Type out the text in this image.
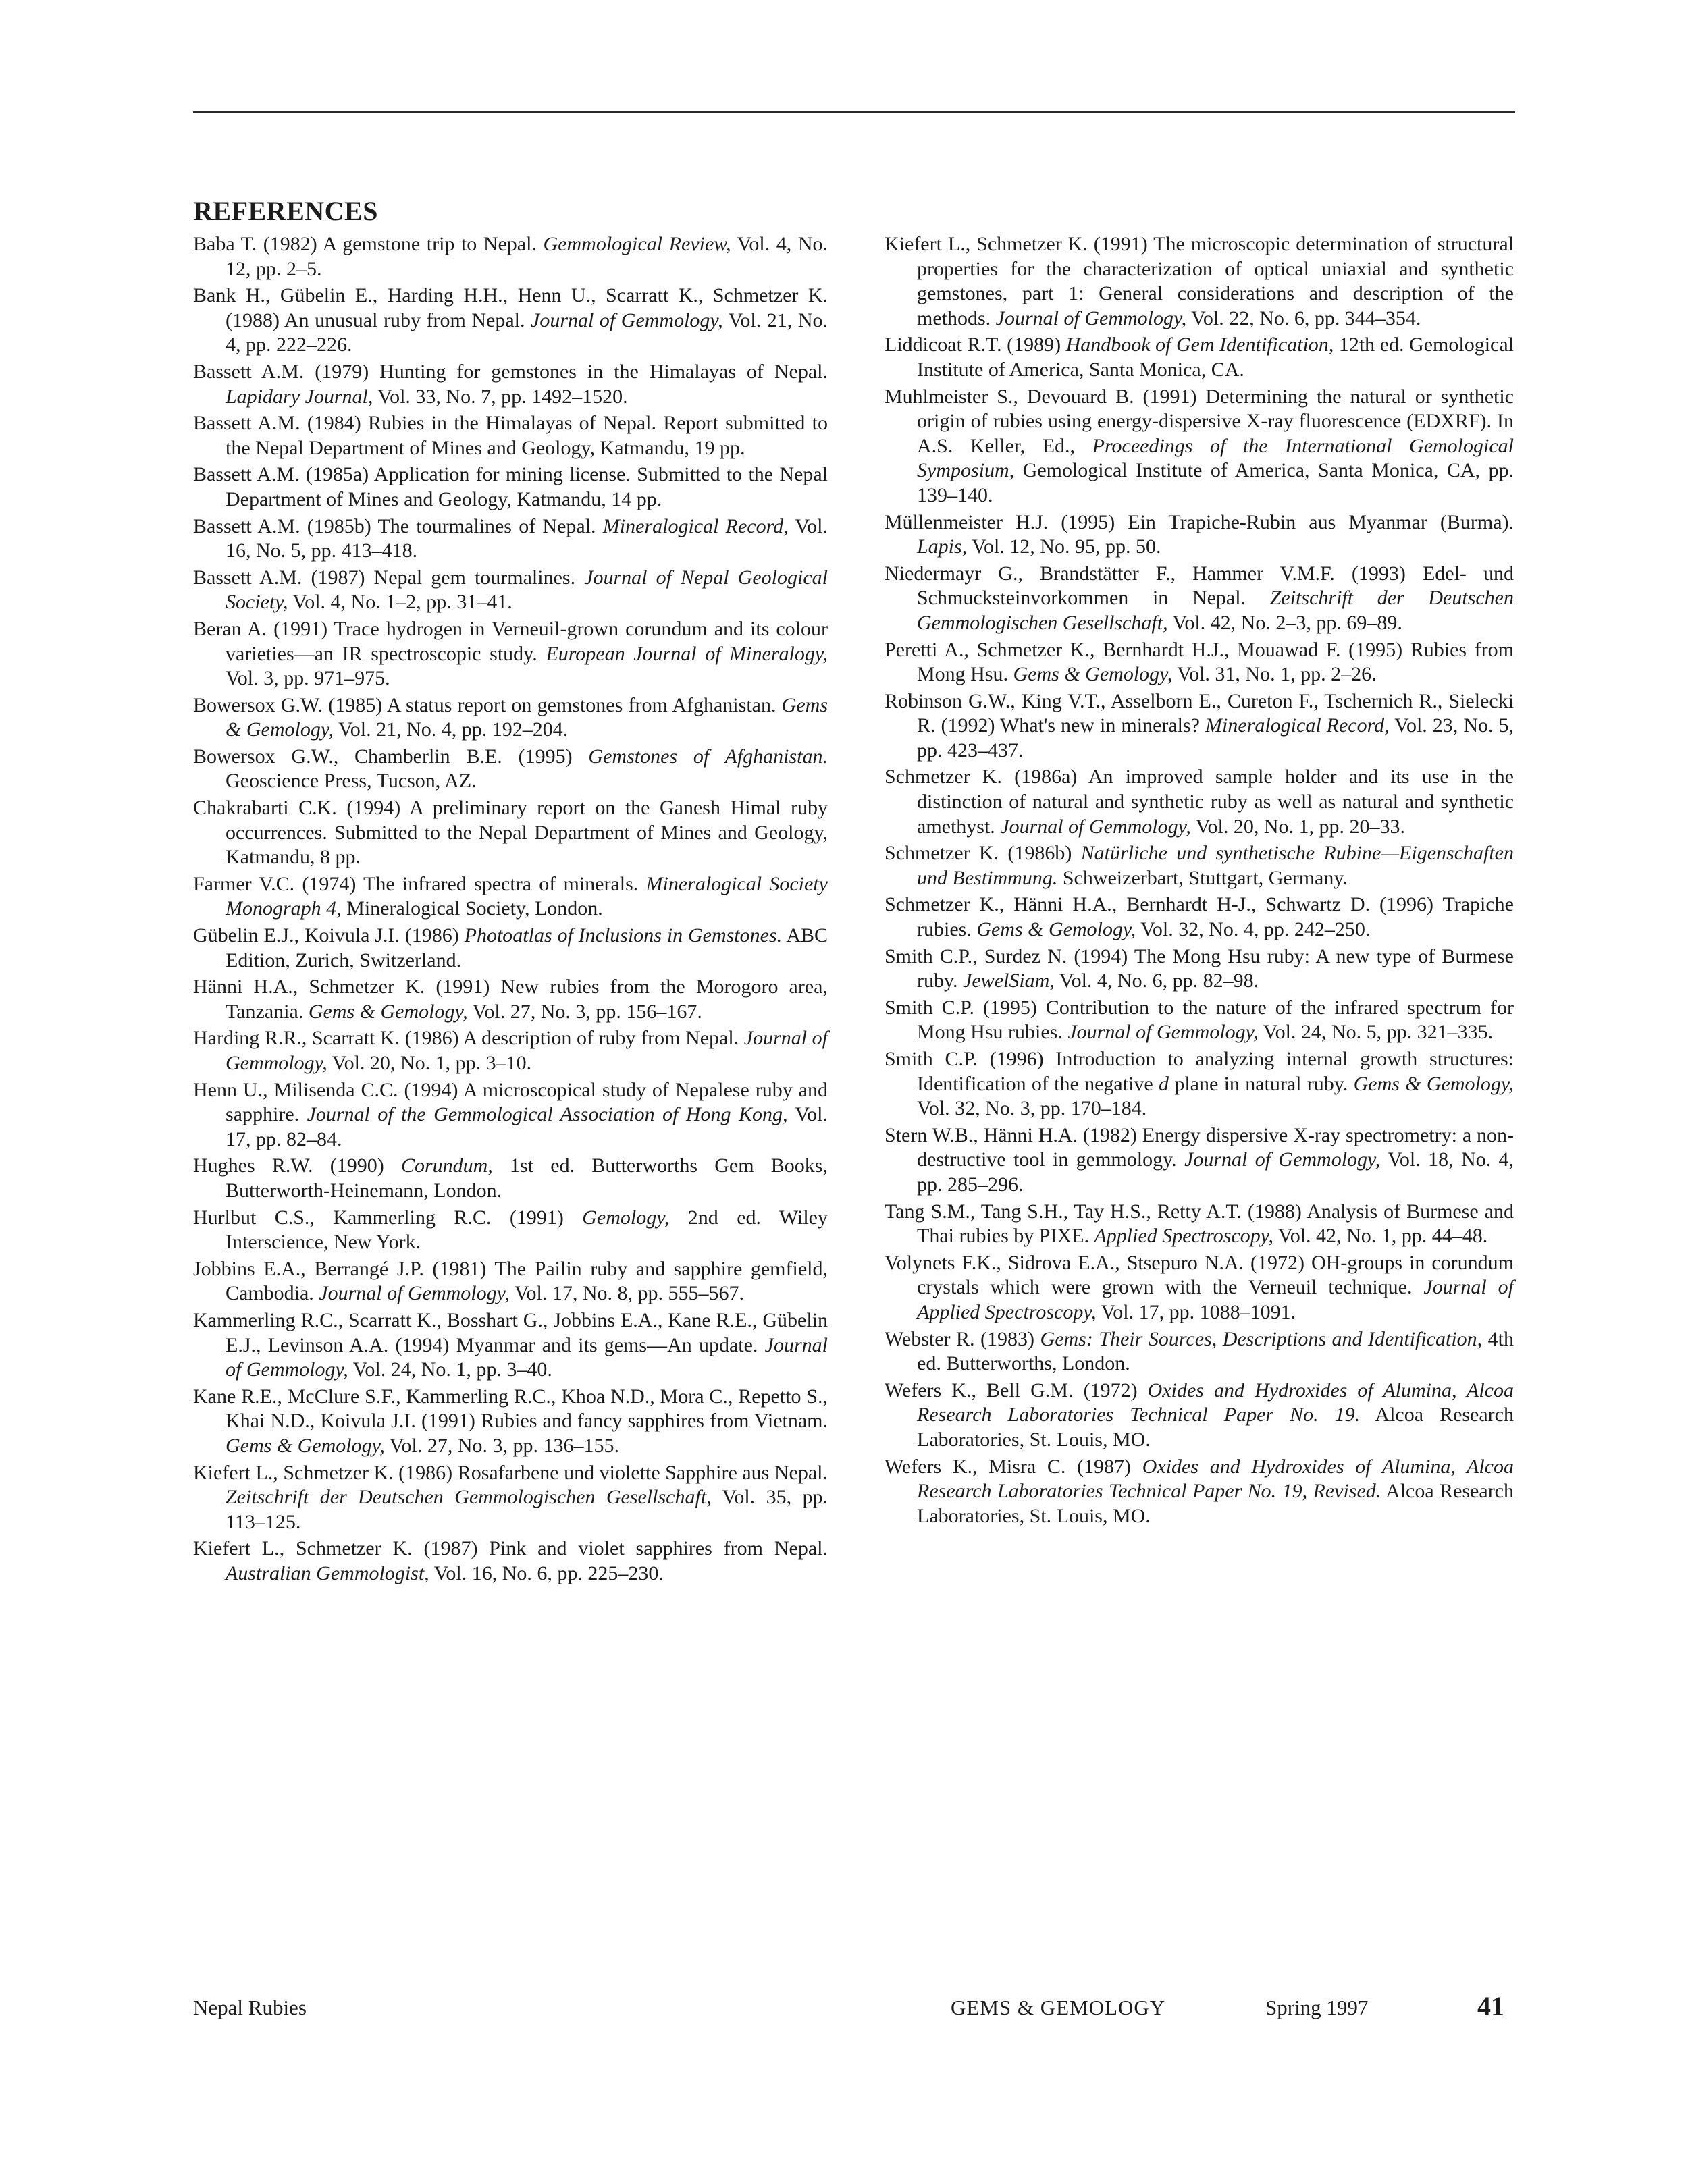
REFERENCES

Baba T. (1982) A gemstone trip to Nepal. Gemmological Review, Vol. 4, No. 12, pp. 2–5.

Bank H., Gübelin E., Harding H.H., Henn U., Scarratt K., Schmetzer K. (1988) An unusual ruby from Nepal. Journal of Gemmology, Vol. 21, No. 4, pp. 222–226.

Bassett A.M. (1979) Hunting for gemstones in the Himalayas of Nepal. Lapidary Journal, Vol. 33, No. 7, pp. 1492–1520.

Bassett A.M. (1984) Rubies in the Himalayas of Nepal. Report submitted to the Nepal Department of Mines and Geology, Katmandu, 19 pp.

Bassett A.M. (1985a) Application for mining license. Submitted to the Nepal Department of Mines and Geology, Katmandu, 14 pp.

Bassett A.M. (1985b) The tourmalines of Nepal. Mineralogical Record, Vol. 16, No. 5, pp. 413–418.

Bassett A.M. (1987) Nepal gem tourmalines. Journal of Nepal Geological Society, Vol. 4, No. 1–2, pp. 31–41.

Beran A. (1991) Trace hydrogen in Verneuil-grown corundum and its colour varieties—an IR spectroscopic study. European Journal of Mineralogy, Vol. 3, pp. 971–975.

Bowersox G.W. (1985) A status report on gemstones from Afghanistan. Gems & Gemology, Vol. 21, No. 4, pp. 192–204.

Bowersox G.W., Chamberlin B.E. (1995) Gemstones of Afghanistan. Geoscience Press, Tucson, AZ.

Chakrabarti C.K. (1994) A preliminary report on the Ganesh Himal ruby occurrences. Submitted to the Nepal Department of Mines and Geology, Katmandu, 8 pp.

Farmer V.C. (1974) The infrared spectra of minerals. Mineralogical Society Monograph 4, Mineralogical Society, London.

Gübelin E.J., Koivula J.I. (1986) Photoatlas of Inclusions in Gemstones. ABC Edition, Zurich, Switzerland.

Hänni H.A., Schmetzer K. (1991) New rubies from the Morogoro area, Tanzania. Gems & Gemology, Vol. 27, No. 3, pp. 156–167.

Harding R.R., Scarratt K. (1986) A description of ruby from Nepal. Journal of Gemmology, Vol. 20, No. 1, pp. 3–10.

Henn U., Milisenda C.C. (1994) A microscopical study of Nepalese ruby and sapphire. Journal of the Gemmological Association of Hong Kong, Vol. 17, pp. 82–84.

Hughes R.W. (1990) Corundum, 1st ed. Butterworths Gem Books, Butterworth-Heinemann, London.

Hurlbut C.S., Kammerling R.C. (1991) Gemology, 2nd ed. Wiley Interscience, New York.

Jobbins E.A., Berrangé J.P. (1981) The Pailin ruby and sapphire gemfield, Cambodia. Journal of Gemmology, Vol. 17, No. 8, pp. 555–567.

Kammerling R.C., Scarratt K., Bosshart G., Jobbins E.A., Kane R.E., Gübelin E.J., Levinson A.A. (1994) Myanmar and its gems—An update. Journal of Gemmology, Vol. 24, No. 1, pp. 3–40.

Kane R.E., McClure S.F., Kammerling R.C., Khoa N.D., Mora C., Repetto S., Khai N.D., Koivula J.I. (1991) Rubies and fancy sapphires from Vietnam. Gems & Gemology, Vol. 27, No. 3, pp. 136–155.

Kiefert L., Schmetzer K. (1986) Rosafarbene und violette Sapphire aus Nepal. Zeitschrift der Deutschen Gemmologischen Gesellschaft, Vol. 35, pp. 113–125.

Kiefert L., Schmetzer K. (1987) Pink and violet sapphires from Nepal. Australian Gemmologist, Vol. 16, No. 6, pp. 225–230.

Kiefert L., Schmetzer K. (1991) The microscopic determination of structural properties for the characterization of optical uniaxial and synthetic gemstones, part 1: General considerations and description of the methods. Journal of Gemmology, Vol. 22, No. 6, pp. 344–354.

Liddicoat R.T. (1989) Handbook of Gem Identification, 12th ed. Gemological Institute of America, Santa Monica, CA.

Muhlmeister S., Devouard B. (1991) Determining the natural or synthetic origin of rubies using energy-dispersive X-ray fluorescence (EDXRF). In A.S. Keller, Ed., Proceedings of the International Gemological Symposium, Gemological Institute of America, Santa Monica, CA, pp. 139–140.

Müllenmeister H.J. (1995) Ein Trapiche-Rubin aus Myanmar (Burma). Lapis, Vol. 12, No. 95, pp. 50.

Niedermayr G., Brandstätter F., Hammer V.M.F. (1993) Edel- und Schmucksteinvorkommen in Nepal. Zeitschrift der Deutschen Gemmologischen Gesellschaft, Vol. 42, No. 2–3, pp. 69–89.

Peretti A., Schmetzer K., Bernhardt H.J., Mouawad F. (1995) Rubies from Mong Hsu. Gems & Gemology, Vol. 31, No. 1, pp. 2–26.

Robinson G.W., King V.T., Asselborn E., Cureton F., Tschernich R., Sielecki R. (1992) What's new in minerals? Mineralogical Record, Vol. 23, No. 5, pp. 423–437.

Schmetzer K. (1986a) An improved sample holder and its use in the distinction of natural and synthetic ruby as well as natural and synthetic amethyst. Journal of Gemmology, Vol. 20, No. 1, pp. 20–33.

Schmetzer K. (1986b) Natürliche und synthetische Rubine—Eigenschaften und Bestimmung. Schweizerbart, Stuttgart, Germany.

Schmetzer K., Hänni H.A., Bernhardt H-J., Schwartz D. (1996) Trapiche rubies. Gems & Gemology, Vol. 32, No. 4, pp. 242–250.

Smith C.P., Surdez N. (1994) The Mong Hsu ruby: A new type of Burmese ruby. JewelSiam, Vol. 4, No. 6, pp. 82–98.

Smith C.P. (1995) Contribution to the nature of the infrared spectrum for Mong Hsu rubies. Journal of Gemmology, Vol. 24, No. 5, pp. 321–335.

Smith C.P. (1996) Introduction to analyzing internal growth structures: Identification of the negative d plane in natural ruby. Gems & Gemology, Vol. 32, No. 3, pp. 170–184.

Stern W.B., Hänni H.A. (1982) Energy dispersive X-ray spectrometry: a non-destructive tool in gemmology. Journal of Gemmology, Vol. 18, No. 4, pp. 285–296.

Tang S.M., Tang S.H., Tay H.S., Retty A.T. (1988) Analysis of Burmese and Thai rubies by PIXE. Applied Spectroscopy, Vol. 42, No. 1, pp. 44–48.

Volynets F.K., Sidrova E.A., Stsepuro N.A. (1972) OH-groups in corundum crystals which were grown with the Verneuil technique. Journal of Applied Spectroscopy, Vol. 17, pp. 1088–1091.

Webster R. (1983) Gems: Their Sources, Descriptions and Identification, 4th ed. Butterworths, London.

Wefers K., Bell G.M. (1972) Oxides and Hydroxides of Alumina, Alcoa Research Laboratories Technical Paper No. 19. Alcoa Research Laboratories, St. Louis, MO.

Wefers K., Misra C. (1987) Oxides and Hydroxides of Alumina, Alcoa Research Laboratories Technical Paper No. 19, Revised. Alcoa Research Laboratories, St. Louis, MO.

Nepal Rubies	GEMS & GEMOLOGY	Spring 1997	41
